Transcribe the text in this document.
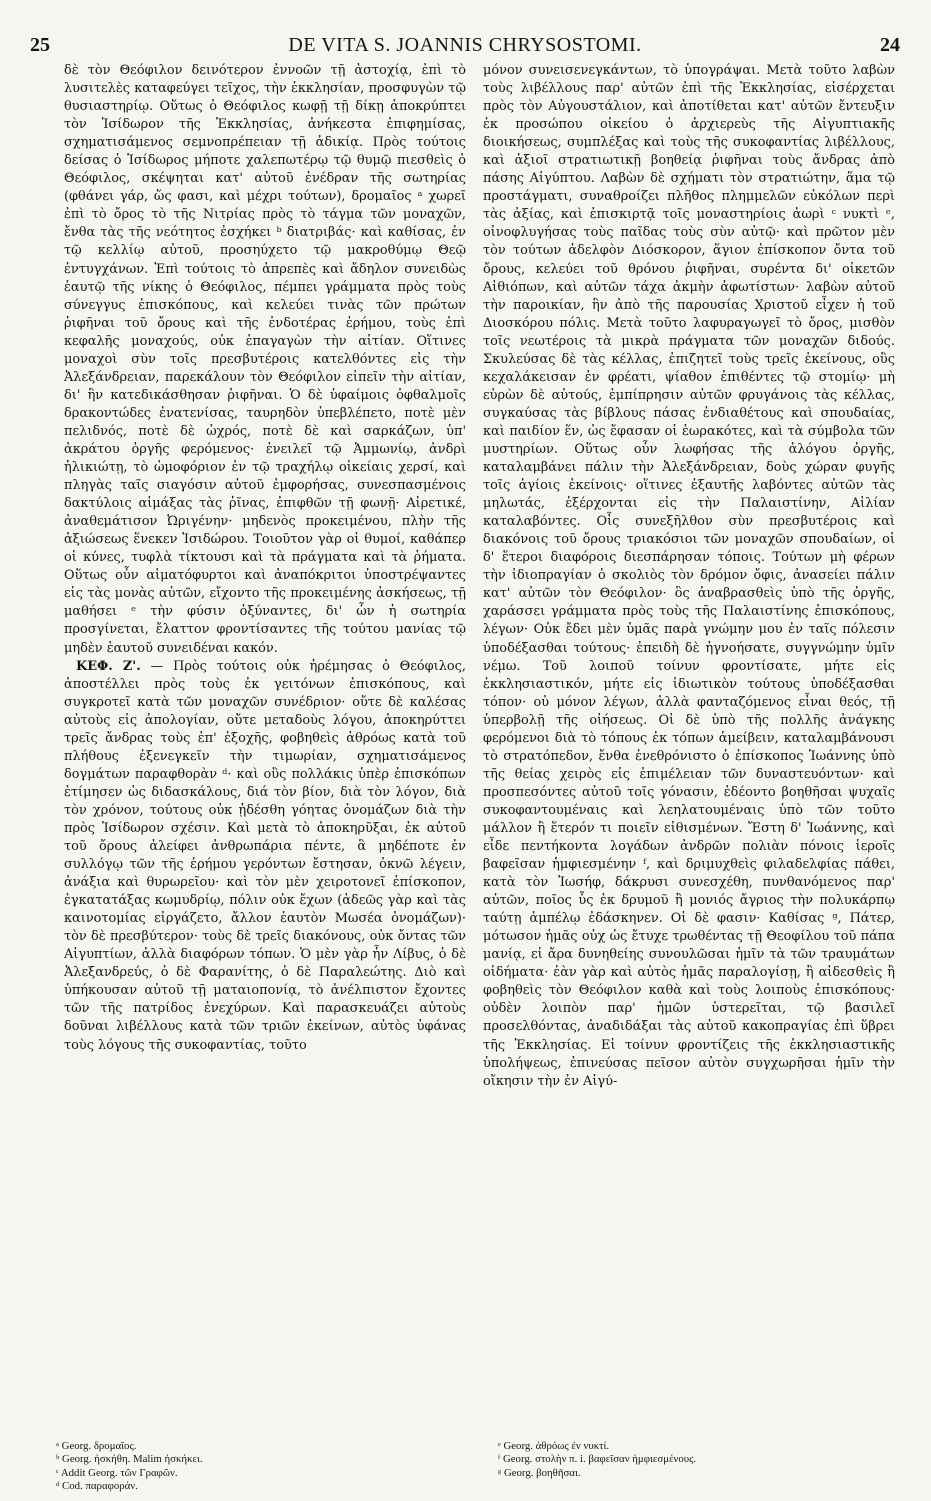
25	DE VITA S. JOANNIS CHRYSOSTOMI.	24

δὲ τὸν Θεόφιλον δεινότερον ἐννοῶν τῇ ἀστοχίᾳ, ἐπὶ τὸ λυσιτελὲς καταφεύγει τεῖχος, τὴν ἐκκλησίαν, προσφυγὼν τῷ θυσιαστηρίῳ. Οὕτως ὁ Θεόφιλος κωφῇ τῇ δίκῃ ἀποκρύπτει τὸν Ἰσίδωρον τῆς Ἐκκλησίας, ἀνήκεστα ἐπιφημίσας, σχηματισάμενος σεμνοπρέπειαν τῇ ἀδικίᾳ. Πρὸς τούτοις δείσας ὁ Ἰσίδωρος μήποτε χαλεπωτέρῳ τῷ θυμῷ πιεσθεὶς ὁ Θεόφιλος, σκέψηται κατ' αὐτοῦ ἐνέδραν τῆς σωτηρίας (φθάνει γάρ, ὥς φασι, καὶ μέχρι τούτων), δρομαῖος ᵃ χωρεῖ ἐπὶ τὸ ὄρος τὸ τῆς Νιτρίας πρὸς τὸ τάγμα τῶν μοναχῶν, ἔνθα τὰς τῆς νεότητος ἐσχήκει ᵇ διατριβάς· καὶ καθίσας, ἐν τῷ κελλίῳ αὐτοῦ, προσηύχετο τῷ μακροθύμῳ Θεῷ ἐντυγχάνων. Ἐπὶ τούτοις τὸ ἀπρεπὲς καὶ ἄδηλον συνειδὼς ἑαυτῷ τῆς νίκης ὁ Θεόφιλος, πέμπει γράμματα πρὸς τοὺς σύνεγγυς ἐπισκόπους, καὶ κελεύει τινὰς τῶν πρώτων ῥιφῆναι τοῦ ὄρους καὶ τῆς ἐνδοτέρας ἐρήμου, τοὺς ἐπὶ κεφαλῆς μοναχούς, οὐκ ἐπαγαγὼν τὴν αἰτίαν. Οἵτινες μοναχοὶ σὺν τοῖς πρεσβυτέροις κατελθόντες εἰς τὴν Ἀλεξάνδρειαν, παρεκάλουν τὸν Θεόφιλον εἰπεῖν τὴν αἰτίαν, δι' ἣν κατεδικάσθησαν ῥιφῆναι. Ὁ δὲ ὑφαίμοις ὀφθαλμοῖς δρακοντώδες ἐνατενίσας, ταυρηδὸν ὑπεβλέπετο, ποτὲ μὲν πελιδνός, ποτὲ δὲ ὠχρός, ποτὲ δὲ καὶ σαρκάζων, ὑπ' ἀκράτου ὀργῆς φερόμενος· ἐνειλεῖ τῷ Ἀμμωνίῳ, ἀνδρὶ ἡλικιώτῃ, τὸ ὠμοφόριον ἐν τῷ τραχήλῳ οἰκείαις χερσί, καὶ πληγὰς ταῖς σιαγόσιν αὐτοῦ ἐμφορήσας, συνεσπασμένοις δακτύλοις αἱμάξας τὰς ῥῖνας, ἐπιφθῶν τῇ φωνῇ· Αἱρετικέ, ἀναθεμάτισον Ὠριγένην· μηδενὸς προκειμένου, πλὴν τῆς ἀξιώσεως ἕνεκεν Ἰσιδώρου. Τοιοῦτον γὰρ οἱ θυμοί, καθάπερ οἱ κύνες, τυφλὰ τίκτουσι καὶ τὰ πράγματα καὶ τὰ ῥήματα. Οὕτως οὖν αἱματόφυρτοι καὶ ἀναπόκριτοι ὑποστρέψαντες εἰς τὰς μονὰς αὐτῶν, εἴχοντο τῆς προκειμένης ἀσκήσεως, τῇ μαθήσει ᵉ τὴν φύσιν ὀξύναντες, δι' ὧν ἡ σωτηρία προσγίνεται, ἔλαττον φροντίσαντες τῆς τούτου μανίας τῷ μηδὲν ἑαυτοῦ συνειδέναι κακόν.

ΚΕΦ. Ζ'. — Πρὸς τούτοις οὐκ ἠρέμησας ὁ Θεόφιλος, ἀποστέλλει πρὸς τοὺς ἐκ γειτόνων ἐπισκόπους, καὶ συγκροτεῖ κατὰ τῶν μοναχῶν συνέδριον· οὔτε δὲ καλέσας αὐτοὺς εἰς ἀπολογίαν, οὔτε μεταδοὺς λόγου, ἀποκηρύττει τρεῖς ἄνδρας τοὺς ἐπ' ἐξοχῆς, φοβηθεὶς ἀθρόως κατὰ τοῦ πλήθους ἐξενεγκεῖν τὴν τιμωρίαν, σχηματισάμενος δογμάτων παραφθορὰν ᵈ· καὶ οὓς πολλάκις ὑπὲρ ἐπισκόπων ἐτίμησεν ὡς διδασκάλους, διά τὸν βίον, διὰ τὸν λόγον, διὰ τὸν χρόνον, τούτους οὐκ ᾐδέσθη γόητας ὀνομάζων διὰ τὴν πρὸς Ἰσίδωρον σχέσιν. Καὶ μετὰ τὸ ἀποκηρῦξαι, ἐκ αὐτοῦ τοῦ ὄρους ἀλείφει ἀνθρωπάρια πέντε, ἃ μηδέποτε ἐν συλλόγῳ τῶν τῆς ἐρήμου γερόντων ἔστησαν, ὀκνῶ λέγειν, ἀνάξια καὶ θυρωρεῖου· καὶ τὸν μὲν χειροτονεῖ ἐπίσκοπον, ἐγκατατάξας κωμυδρίῳ, πόλιν οὐκ ἔχων (ἀδεῶς γὰρ καὶ τὰς καινοτομίας εἰργάζετο, ἄλλον ἑαυτὸν Μωσέα ὀνομάζων)· τὸν δὲ πρεσβύτερον· τοὺς δὲ τρεῖς διακόνους, οὐκ ὄντας τῶν Αἰγυπτίων, ἀλλὰ διαφόρων τόπων. Ὁ μὲν γὰρ ἦν Λίβυς, ὁ δὲ Ἀλεξανδρεύς, ὁ δὲ Φαρανίτης, ὁ δὲ Παραλεώτης. Διὸ καὶ ὑπήκουσαν αὐτοῦ τῇ ματαιοπονίᾳ, τὸ ἀνέλπιστον ἔχοντες τῶν τῆς πατρίδος ἐνεχύρων. Καὶ παρασκευάζει αὐτοὺς δοῦναι λιβέλλους κατὰ τῶν τριῶν ἐκείνων, αὐτὸς ὑφάνας τοὺς λόγους τῆς συκοφαντίας, τοῦτο

μόνον συνεισενεγκάντων, τὸ ὑπογράψαι. Μετὰ τοῦτο λαβὼν τοὺς λιβέλλους παρ' αὐτῶν ἐπὶ τῆς Ἐκκλησίας, εἰσέρχεται πρὸς τὸν Αὐγουστάλιον, καὶ ἀποτίθεται κατ' αὐτῶν ἔντευξιν ἐκ προσώπου οἰκείου ὁ ἀρχιερεὺς τῆς Αἰγυπτιακῆς διοικήσεως, συμπλέξας καὶ τοὺς τῆς συκοφαντίας λιβέλλους, καὶ ἀξιοῖ στρατιωτικῇ βοηθείᾳ ῥιφῆναι τοὺς ἄνδρας ἀπὸ πάσης Αἰγύπτου. Λαβὼν δὲ σχήματι τὸν στρατιώτην, ἅμα τῷ προστάγματι, συναθροίζει πλῆθος πλημμελῶν εὐκόλων περὶ τὰς ἀξίας, καὶ ἐπισκιρτᾷ τοῖς μοναστηρίοις ἀωρὶ ᶜ νυκτὶ ᵉ, οἰνοφλυγήσας τοὺς παῖδας τοὺς σὺν αὐτῷ· καὶ πρῶτον μὲν τὸν τούτων ἀδελφὸν Διόσκορον, ἅγιον ἐπίσκοπον ὄντα τοῦ ὄρους, κελεύει τοῦ θρόνου ῥιφῆναι, συρέντα δι' οἰκετῶν Αἰθιόπων, καὶ αὐτῶν τάχα ἀκμὴν ἀφωτίστων· λαβὼν αὐτοῦ τὴν παροικίαν, ἣν ἀπὸ τῆς παρουσίας Χριστοῦ εἶχεν ἡ τοῦ Διοσκόρου πόλις. Μετὰ τοῦτο λαφυραγωγεῖ τὸ ὄρος, μισθὸν τοῖς νεωτέροις τὰ μικρὰ πράγματα τῶν μοναχῶν διδούς. Σκυλεύσας δὲ τὰς κέλλας, ἐπιζητεῖ τοὺς τρεῖς ἐκείνους, οὓς κεχαλάκεισαν ἐν φρέατι, ψίαθον ἐπιθέντες τῷ στομίῳ· μὴ εὑρὼν δὲ αὐτούς, ἐμπίπρησιν αὐτῶν φρυγάνοις τὰς κέλλας, συγκαύσας τὰς βίβλους πάσας ἐνδιαθέτους καὶ σπουδαίας, καὶ παιδίον ἕν, ὡς ἔφασαν οἱ ἑωρακότες, καὶ τὰ σύμβολα τῶν μυστηρίων. Οὕτως οὖν λωφήσας τῆς ἀλόγου ὀργῆς, καταλαμβάνει πάλιν τὴν Ἀλεξάνδρειαν, δοὺς χώραν φυγῆς τοῖς ἁγίοις ἐκείνοις· οἵτινες ἐξαυτῆς λαβόντες αὐτῶν τὰς μηλωτάς, ἐξέρχονται εἰς τὴν Παλαιστίνην, Αἰλίαν καταλαβόντες. Οἷς συνεξῆλθον σὺν πρεσβυτέροις καὶ διακόνοις τοῦ ὄρους τριακόσιοι τῶν μοναχῶν σπουδαίων, οἱ δ' ἕτεροι διαφόροις διεσπάρησαν τόποις. Τούτων μὴ φέρων τὴν ἰδιοπραγίαν ὁ σκολιὸς τὸν δρόμον ὄφις, ἀνασείει πάλιν κατ' αὐτῶν τὸν Θεόφιλον· ὃς ἀναβρασθεὶς ὑπὸ τῆς ὀργῆς, χαράσσει γράμματα πρὸς τοὺς τῆς Παλαιστίνης ἐπισκόπους, λέγων· Οὐκ ἔδει μὲν ὑμᾶς παρὰ γνώμην μου ἐν ταῖς πόλεσιν ὑποδέξασθαι τούτους· ἐπειδὴ δὲ ἠγνοήσατε, συγγνώμην ὑμῖν νέμω. Τοῦ λοιποῦ τοίνυν φροντίσατε, μήτε εἰς ἐκκλησιαστικόν, μήτε εἰς ἰδιωτικὸν τούτους ὑποδέξασθαι τόπον· οὐ μόνον λέγων, ἀλλὰ φανταζόμενος εἶναι θεός, τῇ ὑπερβολῇ τῆς οἰήσεως. Οἱ δὲ ὑπὸ τῆς πολλῆς ἀνάγκης φερόμενοι διὰ τὸ τόπους ἐκ τόπων ἀμείβειν, καταλαμβάνουσι τὸ στρατόπεδον, ἔνθα ἐνεθρόνιστο ὁ ἐπίσκοπος Ἰωάννης ὑπὸ τῆς θείας χειρὸς εἰς ἐπιμέλειαν τῶν δυναστευόντων· καὶ προσπεσόντες αὐτοῦ τοῖς γόνασιν, ἐδέοντο βοηθῆσαι ψυχαῖς συκοφαντουμέναις καὶ λεηλατουμέναις ὑπὸ τῶν τοῦτο μάλλον ἢ ἕτερόν τι ποιεῖν εἰθισμένων. Ἔστη δ' Ἰωάννης, καὶ εἶδε πεντήκοντα λογάδων ἀνδρῶν πολιὰν πόνοις ἱεροῖς βαφεῖσαν ἡμφιεσμένην ᶠ, καὶ δριμυχθεὶς φιλαδελφίας πάθει, κατὰ τὸν Ἰωσήφ, δάκρυσι συνεσχέθη, πυνθανόμενος παρ' αὐτῶν, ποῖος ὗς ἐκ δρυμοῦ ἢ μονιός ἄγριος τὴν πολυκάρπῳ ταύτῃ ἀμπέλῳ ἐδάσκηνεν. Οἱ δὲ φασιν· Καθίσας ᵍ, Πάτερ, μότωσον ἡμᾶς οὐχ ὡς ἔτυχε τρωθέντας τῇ Θεοφίλου τοῦ πάπα μανίᾳ, εἰ ἄρα δυνηθείης συνουλῶσαι ἡμῖν τὰ τῶν τραυμάτων οἰδήματα· ἐὰν γὰρ καὶ αὐτὸς ἡμᾶς παραλογίσῃ, ἢ αἰδεσθεὶς ἢ φοβηθεὶς τὸν Θεόφιλον καθὰ καὶ τοὺς λοιποὺς ἐπισκόπους· οὐδὲν λοιπὸν παρ' ἡμῶν ὑστερεῖται, τῷ βασιλεῖ προσελθόντας, ἀναδιδάξαι τὰς αὐτοῦ κακοπραγίας ἐπὶ ὕβρει τῆς Ἐκκλησίας. Εἰ τοίνυν φροντίζεις τῆς ἐκκλησιαστικῆς ὑπολήψεως, ἐπινεύσας πεῖσον αὐτὸν συγχωρῆσαι ἡμῖν τὴν οἴκησιν τὴν ἐν Αἰγύ-

ᵃ Georg. δρομαῖος.
ᵇ Georg. ἠσκήθη. Malim ἠσκήκει.
ᶜ Addit Georg. τῶν Γραφῶν.
ᵈ Cod. παραφοράν.
ᵉ Georg. ἀθρόως ἐν νυκτί.
ᶠ Georg. στολὴν π. i. βαφεῖσαν ἡμφιεσμένους.
ᵍ Georg. βοηθῆσαι.
